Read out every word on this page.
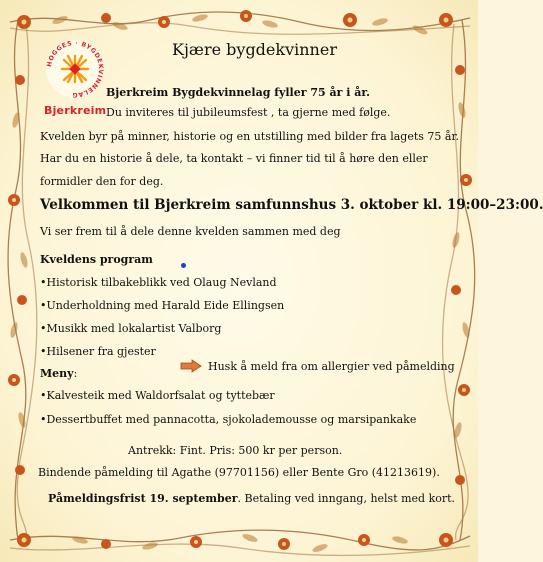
HOGGES · BYGDEKVINNELAG
Bjerkreim
Kjære bygdekvinner
Bjerkreim Bygdekvinnelag fyller 75 år i år.
Du inviteres til jubileumsfest , ta gjerne med følge.
Kvelden byr på minner, historie og en utstilling med bilder fra lagets 75 år.
Har du en historie å dele, ta kontakt – vi finner tid til å høre den eller
formidler den for deg.
Velkommen til Bjerkreim samfunnshus 3. oktober kl. 19:00–23:00.
Vi ser frem til å dele denne kvelden sammen med deg
Kveldens program
•Historisk tilbakeblikk ved Olaug Nevland
•Underholdning med Harald Eide Ellingsen
•Musikk med lokalartist Valborg
•Hilsener fra gjester
Husk å meld fra om allergier ved påmelding
Meny:
•Kalvesteik med Waldorfsalat og tyttebær
•Dessertbuffet med pannacotta, sjokolademousse og marsipankake
Antrekk: Fint. Pris: 500 kr per person.
Bindende påmelding til Agathe (97701156) eller Bente Gro (41213619).
Påmeldingsfrist 19. september. Betaling ved inngang, helst med kort.
